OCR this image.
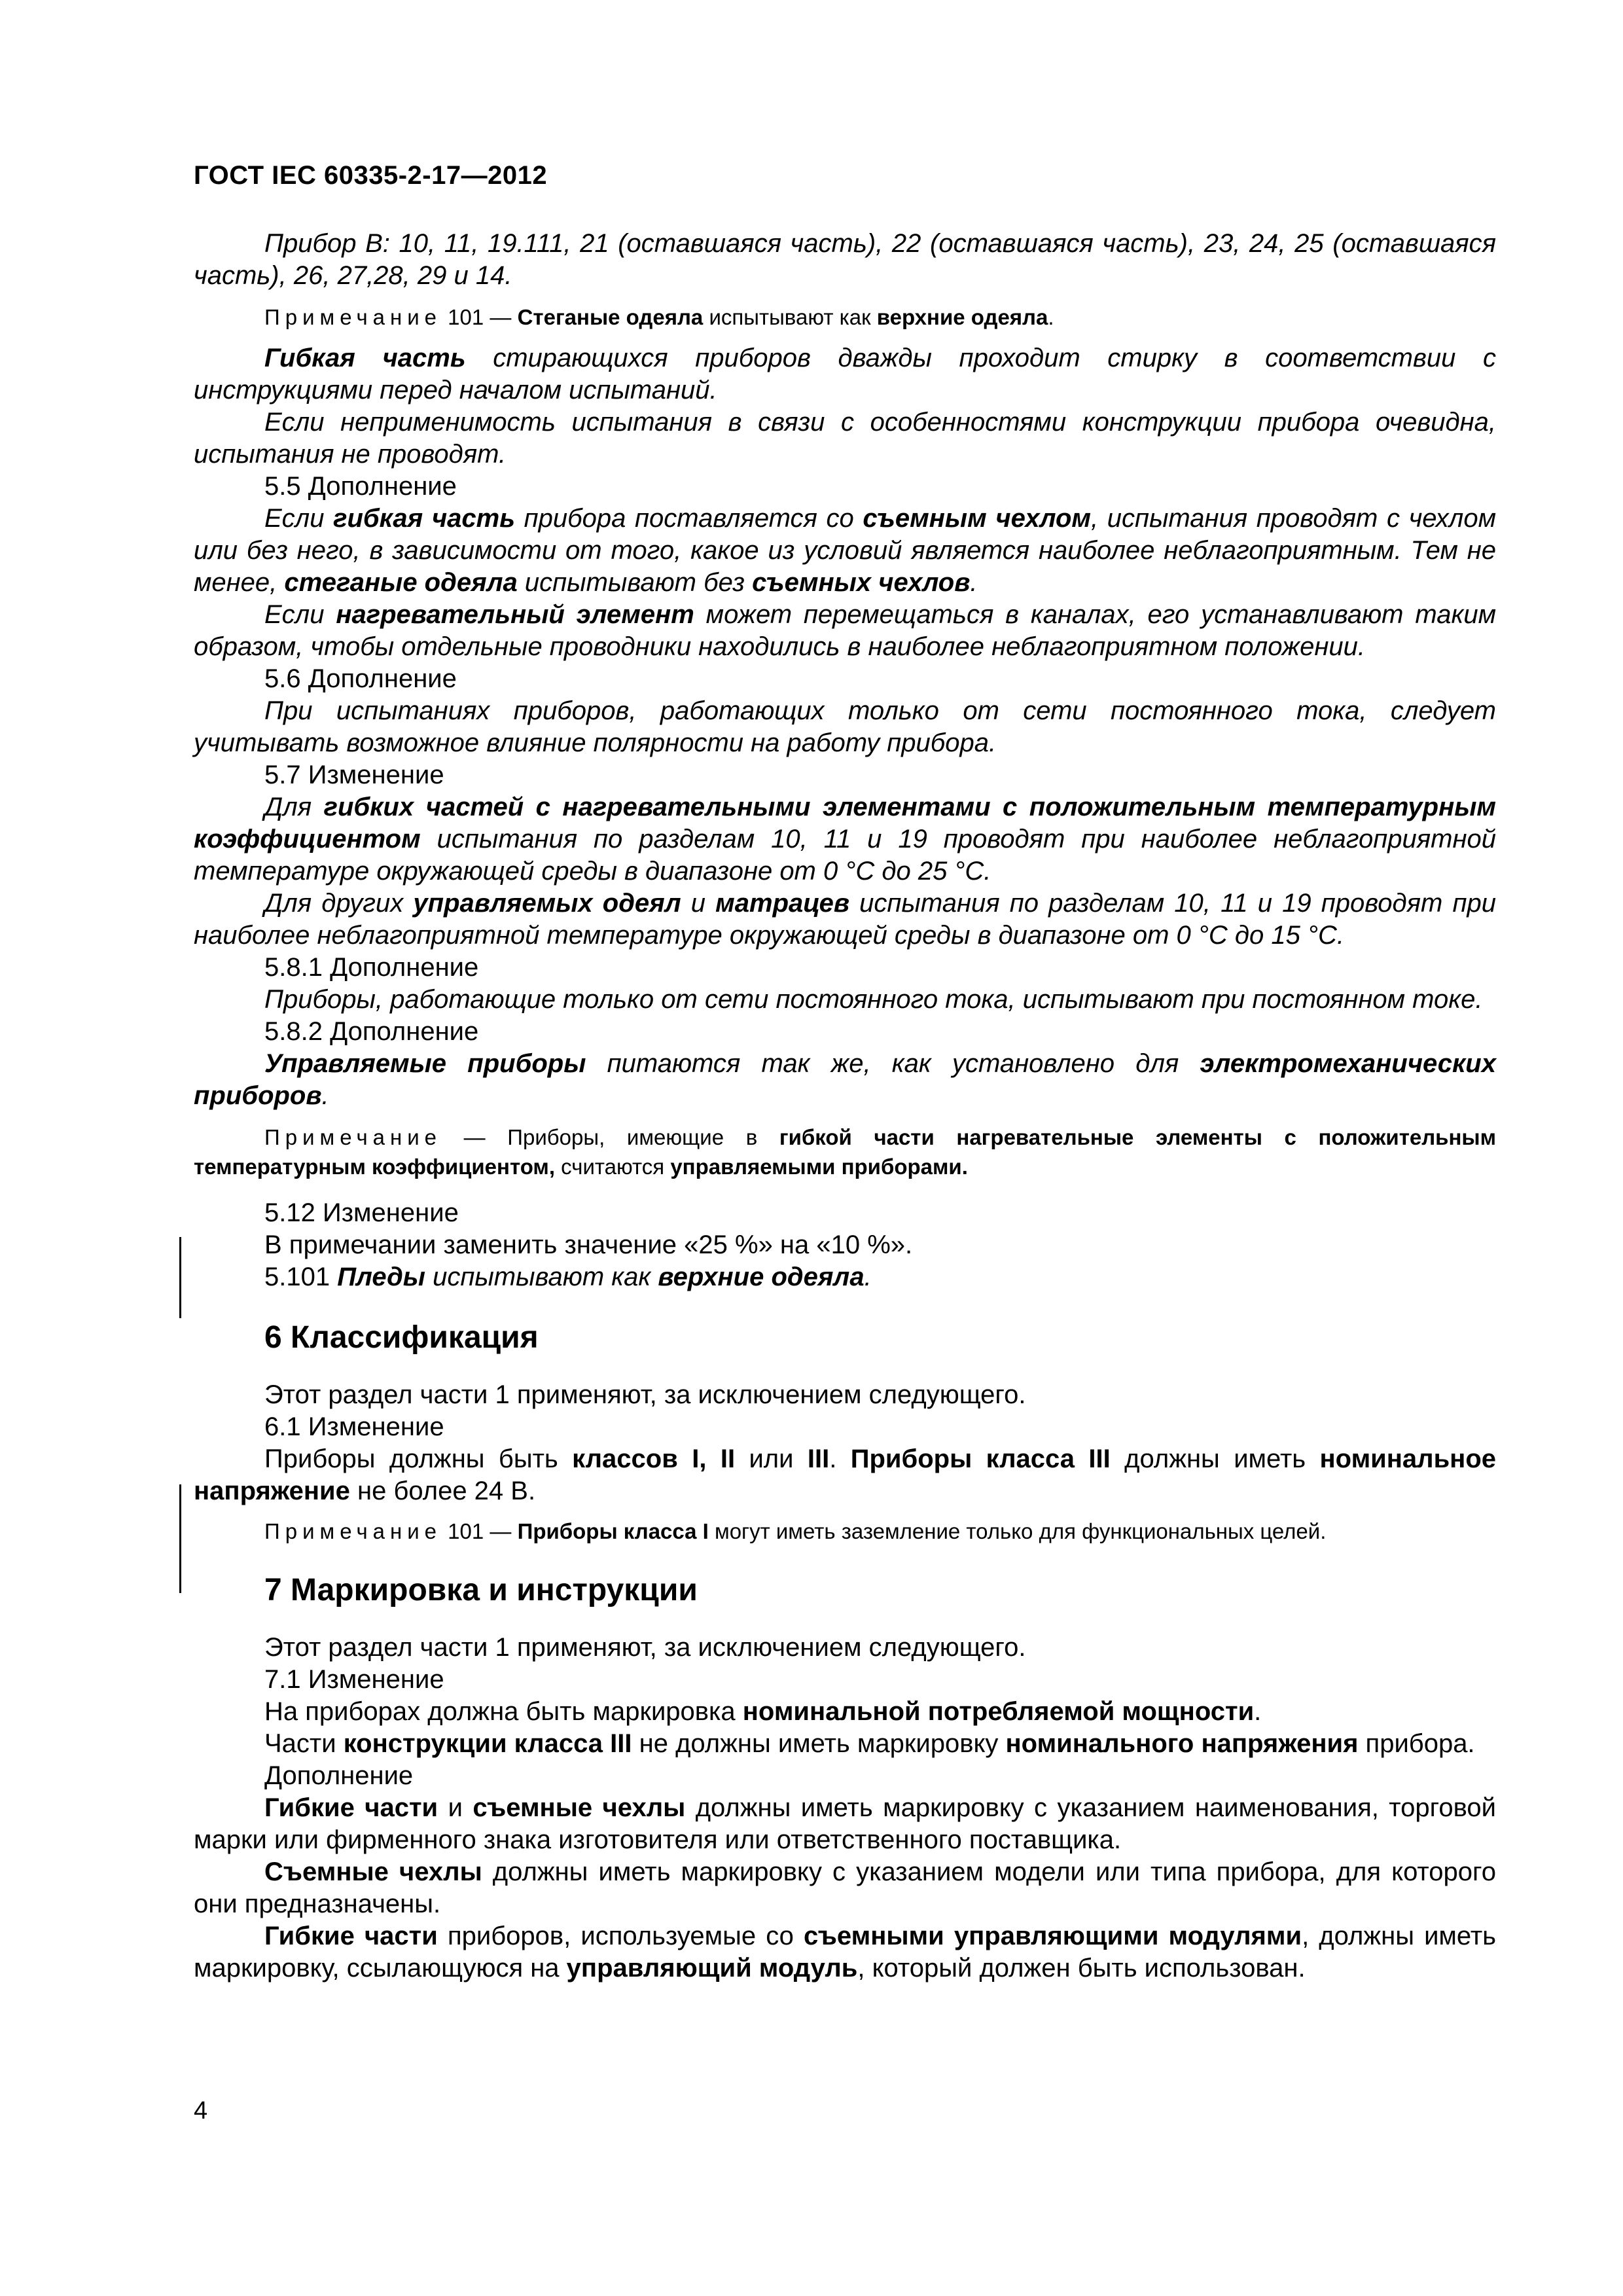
ГОСТ IEC 60335-2-17—2012

Прибор В: 10, 11, 19.111, 21 (оставшаяся часть), 22 (оставшаяся часть), 23, 24, 25 (оставшаяся часть), 26, 27,28, 29 и 14.

Примечание 101 — Стеганые одеяла испытывают как верхние одеяла.

Гибкая часть стирающихся приборов дважды проходит стирку в соответствии с инструкциями перед началом испытаний.

Если неприменимость испытания в связи с особенностями конструкции прибора очевидна, испытания не проводят.

5.5 Дополнение

Если гибкая часть прибора поставляется со съемным чехлом, испытания проводят с чехлом или без него, в зависимости от того, какое из условий является наиболее неблагоприятным. Тем не менее, стеганые одеяла испытывают без съемных чехлов.

Если нагревательный элемент может перемещаться в каналах, его устанавливают таким образом, чтобы отдельные проводники находились в наиболее неблагоприятном положении.

5.6 Дополнение

При испытаниях приборов, работающих только от сети постоянного тока, следует учитывать возможное влияние полярности на работу прибора.

5.7 Изменение

Для гибких частей с нагревательными элементами с положительным температурным коэффициентом испытания по разделам 10, 11 и 19 проводят при наиболее неблагоприятной температуре окружающей среды в диапазоне от 0 °С до 25 °С.

Для других управляемых одеял и матрацев испытания по разделам 10, 11 и 19 проводят при наиболее неблагоприятной температуре окружающей среды в диапазоне от 0 °С до 15 °С.

5.8.1 Дополнение

Приборы, работающие только от сети постоянного тока, испытывают при постоянном токе.

5.8.2 Дополнение

Управляемые приборы питаются так же, как установлено для электромеханических приборов.

Примечание — Приборы, имеющие в гибкой части нагревательные элементы с положительным температурным коэффициентом, считаются управляемыми приборами.

5.12 Изменение

В примечании заменить значение «25 %» на «10 %».

5.101 Пледы испытывают как верхние одеяла.

6 Классификация

Этот раздел части 1 применяют, за исключением следующего.

6.1 Изменение

Приборы должны быть классов I, II или III. Приборы класса III должны иметь номинальное напряжение не более 24 В.

Примечание 101 — Приборы класса I могут иметь заземление только для функциональных целей.

7 Маркировка и инструкции

Этот раздел части 1 применяют, за исключением следующего.

7.1 Изменение

На приборах должна быть маркировка номинальной потребляемой мощности.

Части конструкции класса III не должны иметь маркировку номинального напряжения прибора.

Дополнение

Гибкие части и съемные чехлы должны иметь маркировку с указанием наименования, торговой марки или фирменного знака изготовителя или ответственного поставщика.

Съемные чехлы должны иметь маркировку с указанием модели или типа прибора, для которого они предназначены.

Гибкие части приборов, используемые со съемными управляющими модулями, должны иметь маркировку, ссылающуюся на управляющий модуль, который должен быть использован.

4
